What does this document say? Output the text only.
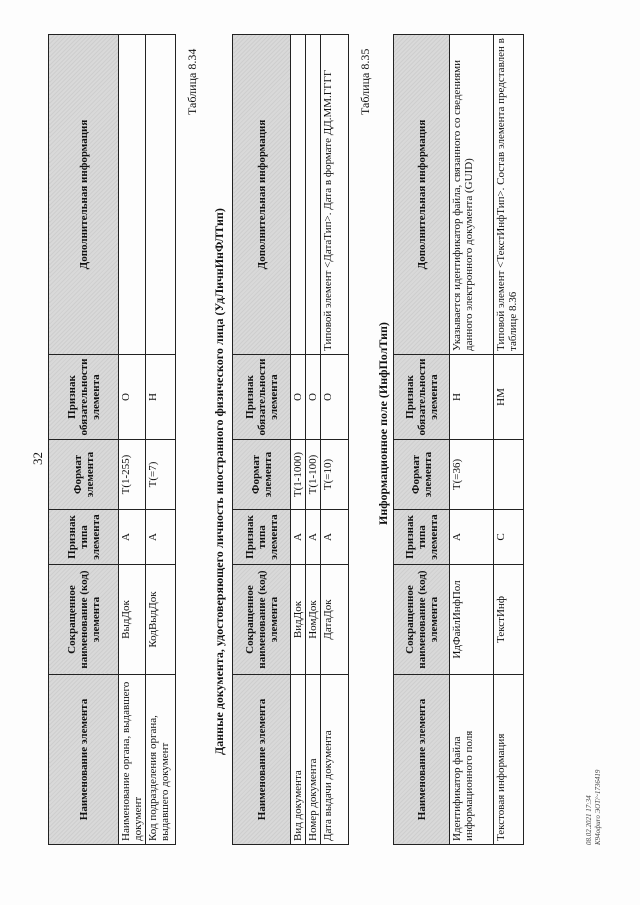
32
Наименование элемента	Сокращенное наименование (код) элемента	Признак типа элемента	Формат элемента	Признак обязательности элемента	Дополнительная информация
Наименование органа, выдавшего документ	ВыдДок	А	Т(1-255)	О	
Код подразделения органа, выдавшего документ	КодВыдДок	А	Т(=7)	Н	
Таблица 8.34
Данные документа, удостоверяющего личность иностранного физического лица (УдЛичнИнФЛТип)
Наименование элемента	Сокращенное наименование (код) элемента	Признак типа элемента	Формат элемента	Признак обязательности элемента	Дополнительная информация
Вид документа	ВидДок	А	Т(1-1000)	О	
Номер документа	НомДок	А	Т(1-100)	О	
Дата выдачи документа	ДатаДок	А	Т(=10)	О	Типовой элемент <ДатаТип>. Дата в формате ДД.ММ.ГГГГ Таблица 8.35
Информационное поле (ИнфПолТип)
Наименование элемента	Сокращенное наименование (код) элемента	Признак типа элемента	Формат элемента	Признак обязательности элемента	Дополнительная информация
Идентификатор файла информационного поля	ИдФайлИнфПол	А	Т(=36)	Н	Указывается идентификатор файла, связанного со сведениями данного электронного документа (GUID)
Текстовая информация	ТекстИнф	С		НМ	Типовой элемент <ТекстИнфТип>. Состав элемента представлен в таблице 8.36
08.02.2021 17:34 К94офиrо ЭОТ/~1736419
